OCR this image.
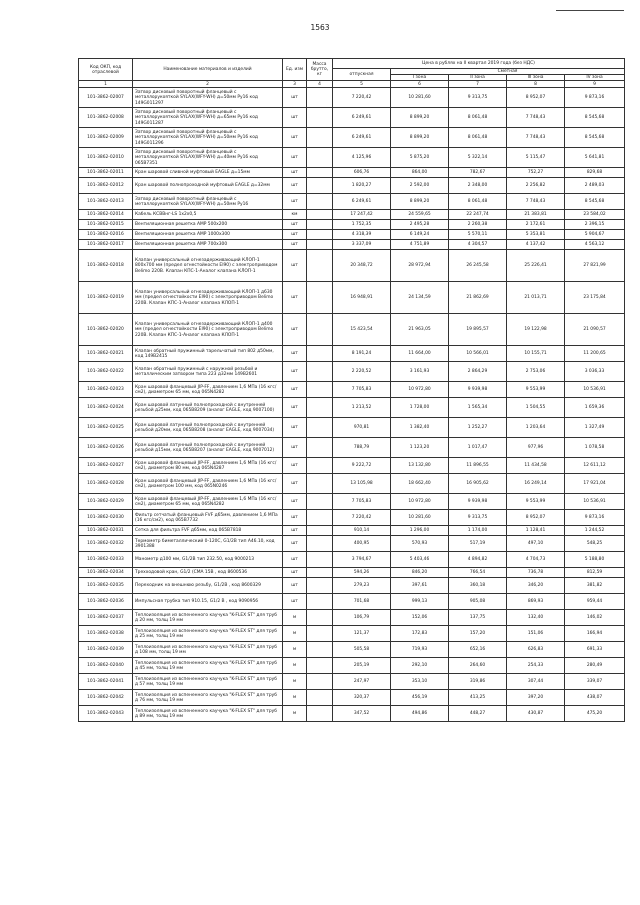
1563
Код ОКП, код отраслевой	Наименование материалов и изделий	Ед. изм	Масса брутто, кг	Цена в рублях на II квартал 2019 года (без НДС)				
				отпускная	Сметная			
					I зона	II зона	III зона	IV зона
1	2	3	4	5	6	7	8	9
101-3862-02007	Затвор дисковый поворотный фланцевый с металлорукояткой SYLAX(WFY-WH) д=50мм Ру16 код 149G011297	шт		7 220,42	10 281,60	9 313,75	8 952,07	9 873,16
101-3862-02008	Затвор дисковый поворотный фланцевый с металлорукояткой SYLAX(WFY-WH) д=65мм Ру16 код 149G011287	шт		6 249,61	8 899,20	8 061,48	7 748,43	8 545,68
101-3862-02009	Затвор дисковый поворотный фланцевый с металлорукояткой SYLAX(WFY-WH) д=50мм Ру16 код 149G011296	шт		6 249,61	8 899,20	8 061,48	7 748,43	8 545,68
101-3862-02010	Затвор дисковый поворотный фланцевый с металлорукояткой SYLAX(WFY-WH) д=40мм Ру16 код 065B7351	шт		4 125,96	5 875,20	5 322,14	5 115,47	5 641,81
101-3862-02011	Кран шаровой сливной муфтовый EAGLE д=15мм	шт		606,76	864,00	782,67	752,27	829,68
101-3862-02012	Кран шаровой полнопроходной муфтовый EAGLE д=32мм	шт		1 820,27	2 592,00	2 348,00	2 256,82	2 489,03
101-3862-02013	Затвор дисковый поворотный фланцевый с металлорукояткой SYLAX(WFY-WH) д=50мм Ру16	шт		6 249,61	8 899,20	8 061,48	7 748,43	8 545,68
101-3862-02014	Кабель КСВВнг-LS 1х2х0,5	км		17 247,42	24 559,65	22 247,74	21 383,81	23 584,02
101-3862-02015	Вентиляционная решетка AMP 500х200	шт		1 752,35	2 495,28	2 260,38	2 172,61	2 396,15
101-3862-02016	Вентиляционная решетка AMP 1000х300	шт		4 318,39	6 149,24	5 570,11	5 353,81	5 904,67
101-3862-02017	Вентиляционная решетка AMP 700х300	шт		3 337,09	4 751,89	4 304,57	4 137,42	4 563,12
101-3862-02018	Клапан универсальный огнезадерживающий КЛОП-1 800х700 мм (предел огнестойкости EI90) с электроприводом Belimo 220В. Клапан КПС-1-Аналог клапана КЛОП-1	шт		20 348,72	28 972,94	26 245,58	25 226,41	27 821,99
101-3862-02019	Клапан универсальный огнезадерживающий КЛОП-1 д630 мм (предел огнестойкости EI90) с электроприводом Belimo 220В. Клапан КПС-1-Аналог клапана КЛОП-1	шт		16 948,91	24 134,59	21 862,69	21 013,71	23 175,84
101-3862-02020	Клапан универсальный огнезадерживающий КЛОП-1 д400 мм (предел огнестойкости EI90) с электроприводом Belimo 220В. Клапан КПС-1-Аналог клапана КЛОП-1	шт		15 423,54	21 963,05	19 895,57	19 122,98	21 090,57
101-3862-02021	Клапан обратный пружинный тарельчатый тип 802 д50мм, код 149B2415	шт		8 191,24	11 664,00	10 566,01	10 155,71	11 200,65
101-3862-02022	Клапан обратный пружинный с наружной резьбой и металлическим затвором типа 223 д32мм 149B2601	шт		2 220,52	3 161,93	2 864,29	2 753,06	3 036,33
101-3862-02023	Кран шаровой фланцевый JIP-FF, давлением 1,6 МПа (16 кгс/см2), диаметром 65 мм, код 065N4282	шт		7 705,83	10 972,80	9 939,98	9 553,99	10 536,91
101-3862-02024	Кран шаровой латунный полнопроходной с внутренней резьбой д25мм, код 065B8209 (аналог EAGLE, код 9007100)	шт		1 213,52	1 728,00	1 565,34	1 504,55	1 659,36
101-3862-02025	Кран шаровой латунный полнопроходной с внутренней резьбой д20мм, код 065B8208 (аналог EAGLE, код 9007034)	шт		970,81	1 382,40	1 252,27	1 203,64	1 327,49
101-3862-02026	Кран шаровой латунный полнопроходной с внутренней резьбой д15мм, код 065B8207 (аналог EAGLE, код 9007012)	шт		788,79	1 123,20	1 017,47	977,96	1 078,58
101-3862-02027	Кран шаровой фланцевый JIP-FF, давлением 1,6 МПа (16 кгс/см2), диаметром 80 мм, код 065N4287	шт		9 222,72	13 132,80	11 896,55	11 434,58	12 611,12
101-3862-02028	Кран шаровой фланцевый JIP-FF, давлением 1,6 МПа (16 кгс/см2), диаметром 100 мм, код 065N0246	шт		13 105,98	18 662,40	16 905,62	16 249,14	17 921,04
101-3862-02029	Кран шаровой фланцевый JIP-FF, давлением 1,6 МПа (16 кгс/см2), диаметром 65 мм, код 065N4282	шт		7 705,83	10 972,80	9 939,98	9 553,99	10 536,91
101-3862-02030	Фильтр сетчатый фланцевый FVF д65мм, давлением 1,6 МПа (16 кгс/см2), код 065B7732	шт		7 220,42	10 281,60	9 313,75	8 952,07	9 873,16
101-3862-02031	Сетка для фильтра FVF д65мм, код 065B7818	шт		910,14	1 296,00	1 174,00	1 128,41	1 244,52
101-3862-02032	Термометр биметаллический 0-120С, G1/2В тип А46.10, код 3901388	шт		400,95	570,93	517,19	497,10	548,25
101-3862-02033	Манометр д100 мм, G1/2В тип 232.50, код 9000213	шт		3 794,67	5 403,46	4 894,82	4 704,73	5 188,80
101-3862-02034	Трехходовой кран, G1/2 (СМА 15B , код 8600536	шт		594,26	846,20	766,54	736,78	812,59
101-3862-02035	Переходник на внешнюю резьбу, G1/2В , код 8600329	шт		279,23	397,61	360,18	346,20	381,82
101-3862-02036	Импульсная трубка тип 910.15, G1/2 В , код 9090956	шт		701,68	999,13	905,08	869,93	959,44
101-3862-02037	Теплоизоляция из вспененного каучука "K-FLEX ST" для труб д 20 мм, толщ 19 мм	м		106,79	152,06	137,75	132,40	146,02
101-3862-02038	Теплоизоляция из вспененного каучука "K-FLEX ST" для труб д 25 мм, толщ 19 мм	м		121,37	172,83	157,20	151,06	166,94
101-3862-02039	Теплоизоляция из вспененного каучука "K-FLEX ST" для труб д 108 мм, толщ 19 мм	м		505,58	719,93	652,16	626,83	691,33
101-3862-02040	Теплоизоляция из вспененного каучука "K-FLEX ST" для труб д 45 мм, толщ 19 мм	м		205,19	292,10	264,60	254,33	280,49
101-3862-02041	Теплоизоляция из вспененного каучука "K-FLEX ST" для труб д 57 мм, толщ 19 мм	м		247,97	353,10	319,86	307,44	339,07
101-3862-02042	Теплоизоляция из вспененного каучука "K-FLEX ST" для труб д 76 мм, толщ 19 мм	м		320,37	456,19	413,25	397,20	438,07
101-3862-02043	Теплоизоляция из вспененного каучука "K-FLEX ST" для труб д 89 мм, толщ 19 мм	м		347,52	494,86	448,27	430,87	475,20
